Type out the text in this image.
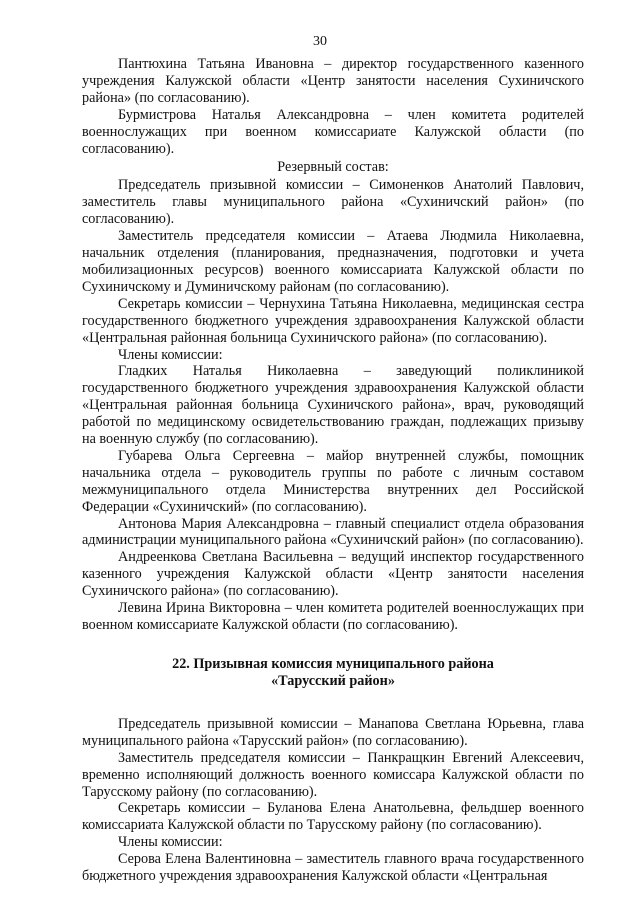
30

Пантюхина Татьяна Ивановна – директор государственного казенного учреждения Калужской области «Центр занятости населения Сухиничского района» (по согласованию).

Бурмистрова Наталья Александровна – член комитета родителей военнослужащих при военном комиссариате Калужской области (по согласованию).

Резервный состав:

Председатель призывной комиссии – Симоненков Анатолий Павлович, заместитель главы муниципального района «Сухиничский район» (по согласованию).

Заместитель председателя комиссии – Атаева Людмила Николаевна, начальник отделения (планирования, предназначения, подготовки и учета мобилизационных ресурсов) военного комиссариата Калужской области по Сухиничскому и Думиничскому районам (по согласованию).

Секретарь комиссии – Чернухина Татьяна Николаевна, медицинская сестра государственного бюджетного учреждения здравоохранения Калужской области «Центральная районная больница Сухиничского района» (по согласованию).

Члены комиссии:

Гладких Наталья Николаевна – заведующий поликлиникой государственного бюджетного учреждения здравоохранения Калужской области «Центральная районная больница Сухиничского района», врач, руководящий работой по медицинскому освидетельствованию граждан, подлежащих призыву на военную службу (по согласованию).

Губарева Ольга Сергеевна – майор внутренней службы, помощник начальника отдела – руководитель группы по работе с личным составом межмуниципального отдела Министерства внутренних дел Российской Федерации «Сухиничский» (по согласованию).

Антонова Мария Александровна – главный специалист отдела образования администрации муниципального района «Сухиничский район» (по согласованию).

Андреенкова Светлана Васильевна – ведущий инспектор государственного казенного учреждения Калужской области «Центр занятости населения Сухиничского района» (по согласованию).

Левина Ирина Викторовна – член комитета родителей военнослужащих при военном комиссариате Калужской области (по согласованию).

22. Призывная комиссия муниципального района
«Тарусский район»

Председатель призывной комиссии – Манапова Светлана Юрьевна, глава муниципального района «Тарусский район» (по согласованию).

Заместитель председателя комиссии – Панкращкин Евгений Алексеевич, временно исполняющий должность военного комиссара Калужской области по Тарусскому району (по согласованию).

Секретарь комиссии – Буланова Елена Анатольевна, фельдшер военного комиссариата Калужской области по Тарусскому району (по согласованию).

Члены комиссии:

Серова Елена Валентиновна – заместитель главного врача государственного бюджетного учреждения здравоохранения Калужской области «Центральная
